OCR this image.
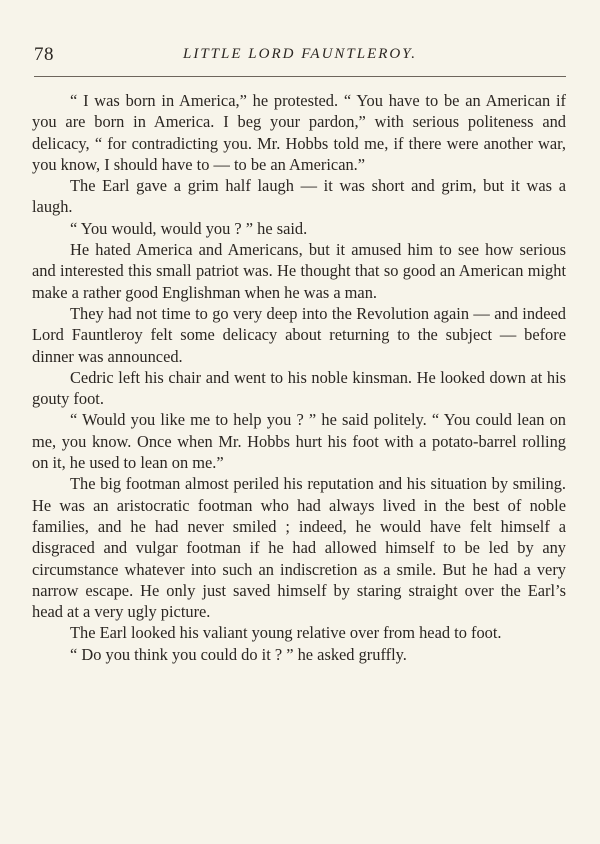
78	LITTLE LORD FAUNTLEROY.

“ I was born in America,” he protested. “ You have to be an American if you are born in America. I beg your pardon,” with serious politeness and delicacy, “ for contradicting you. Mr. Hobbs told me, if there were another war, you know, I should have to — to be an American.”

The Earl gave a grim half laugh — it was short and grim, but it was a laugh.

“ You would, would you ? ” he said.

He hated America and Americans, but it amused him to see how serious and interested this small patriot was. He thought that so good an American might make a rather good Englishman when he was a man.

They had not time to go very deep into the Revolution again — and indeed Lord Fauntleroy felt some delicacy about returning to the subject — before dinner was announced.

Cedric left his chair and went to his noble kinsman. He looked down at his gouty foot.

“ Would you like me to help you ? ” he said politely. “ You could lean on me, you know. Once when Mr. Hobbs hurt his foot with a potato-barrel rolling on it, he used to lean on me.”

The big footman almost periled his reputation and his situation by smiling. He was an aristocratic footman who had always lived in the best of noble families, and he had never smiled ; indeed, he would have felt himself a disgraced and vulgar footman if he had allowed himself to be led by any circumstance whatever into such an indiscretion as a smile. But he had a very narrow escape. He only just saved himself by staring straight over the Earl’s head at a very ugly picture.

The Earl looked his valiant young relative over from head to foot.

“ Do you think you could do it ? ” he asked gruffly.
